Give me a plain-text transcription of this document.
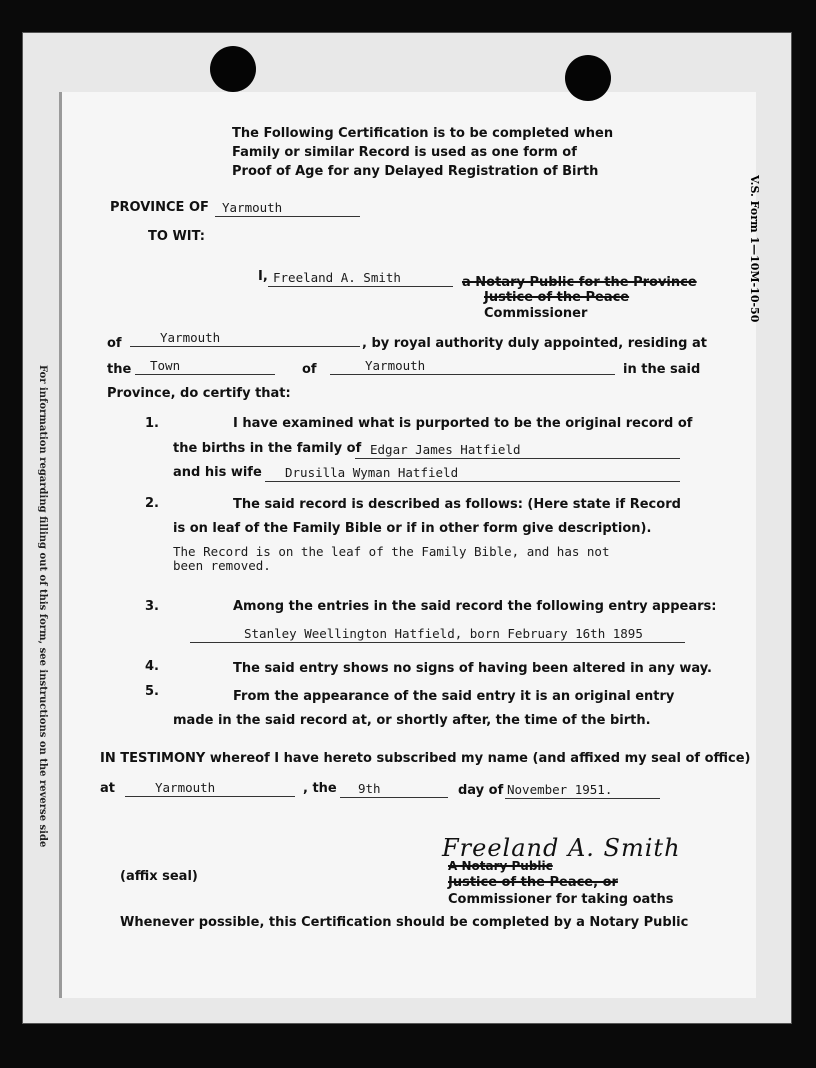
V.S. Form 1—10M-10-50
For information regarding filling out of this form, see instructions on the reverse side
The Following Certification is to be completed when
Family or similar Record is used as one form of
Proof of Age for any Delayed Registration of Birth
PROVINCE OF Yarmouth
TO WIT:
I, Freeland A. Smith	a Notary Public for the Province
Justice of the Peace
Commissioner
of	Yarmouth	, by royal authority duly appointed, residing at
the Town	of	Yarmouth	in the said
Province, do certify that:
1.	I have examined what is purported to be the original record of
the births in the family of Edgar James Hatfield
and his wife Drusilla Wyman Hatfield
2.	The said record is described as follows: (Here state if Record
is on leaf of the Family Bible or if in other form give description).
The Record is on the leaf of the Family Bible, and has not
been removed.
3.	Among the entries in the said record the following entry appears:
Stanley Weellington Hatfield, born February 16th 1895
4.	The said entry shows no signs of having been altered in any way.
5.	From the appearance of the said entry it is an original entry
made in the said record at, or shortly after, the time of the birth.
IN TESTIMONY whereof I have hereto subscribed my name (and affixed my seal of office)
at	Yarmouth	, the 9th	day of November 1951.
Freeland A. Smith
A Notary Public
Justice of the Peace, or
Commissioner for taking oaths
(affix seal)
Whenever possible, this Certification should be completed by a Notary Public
